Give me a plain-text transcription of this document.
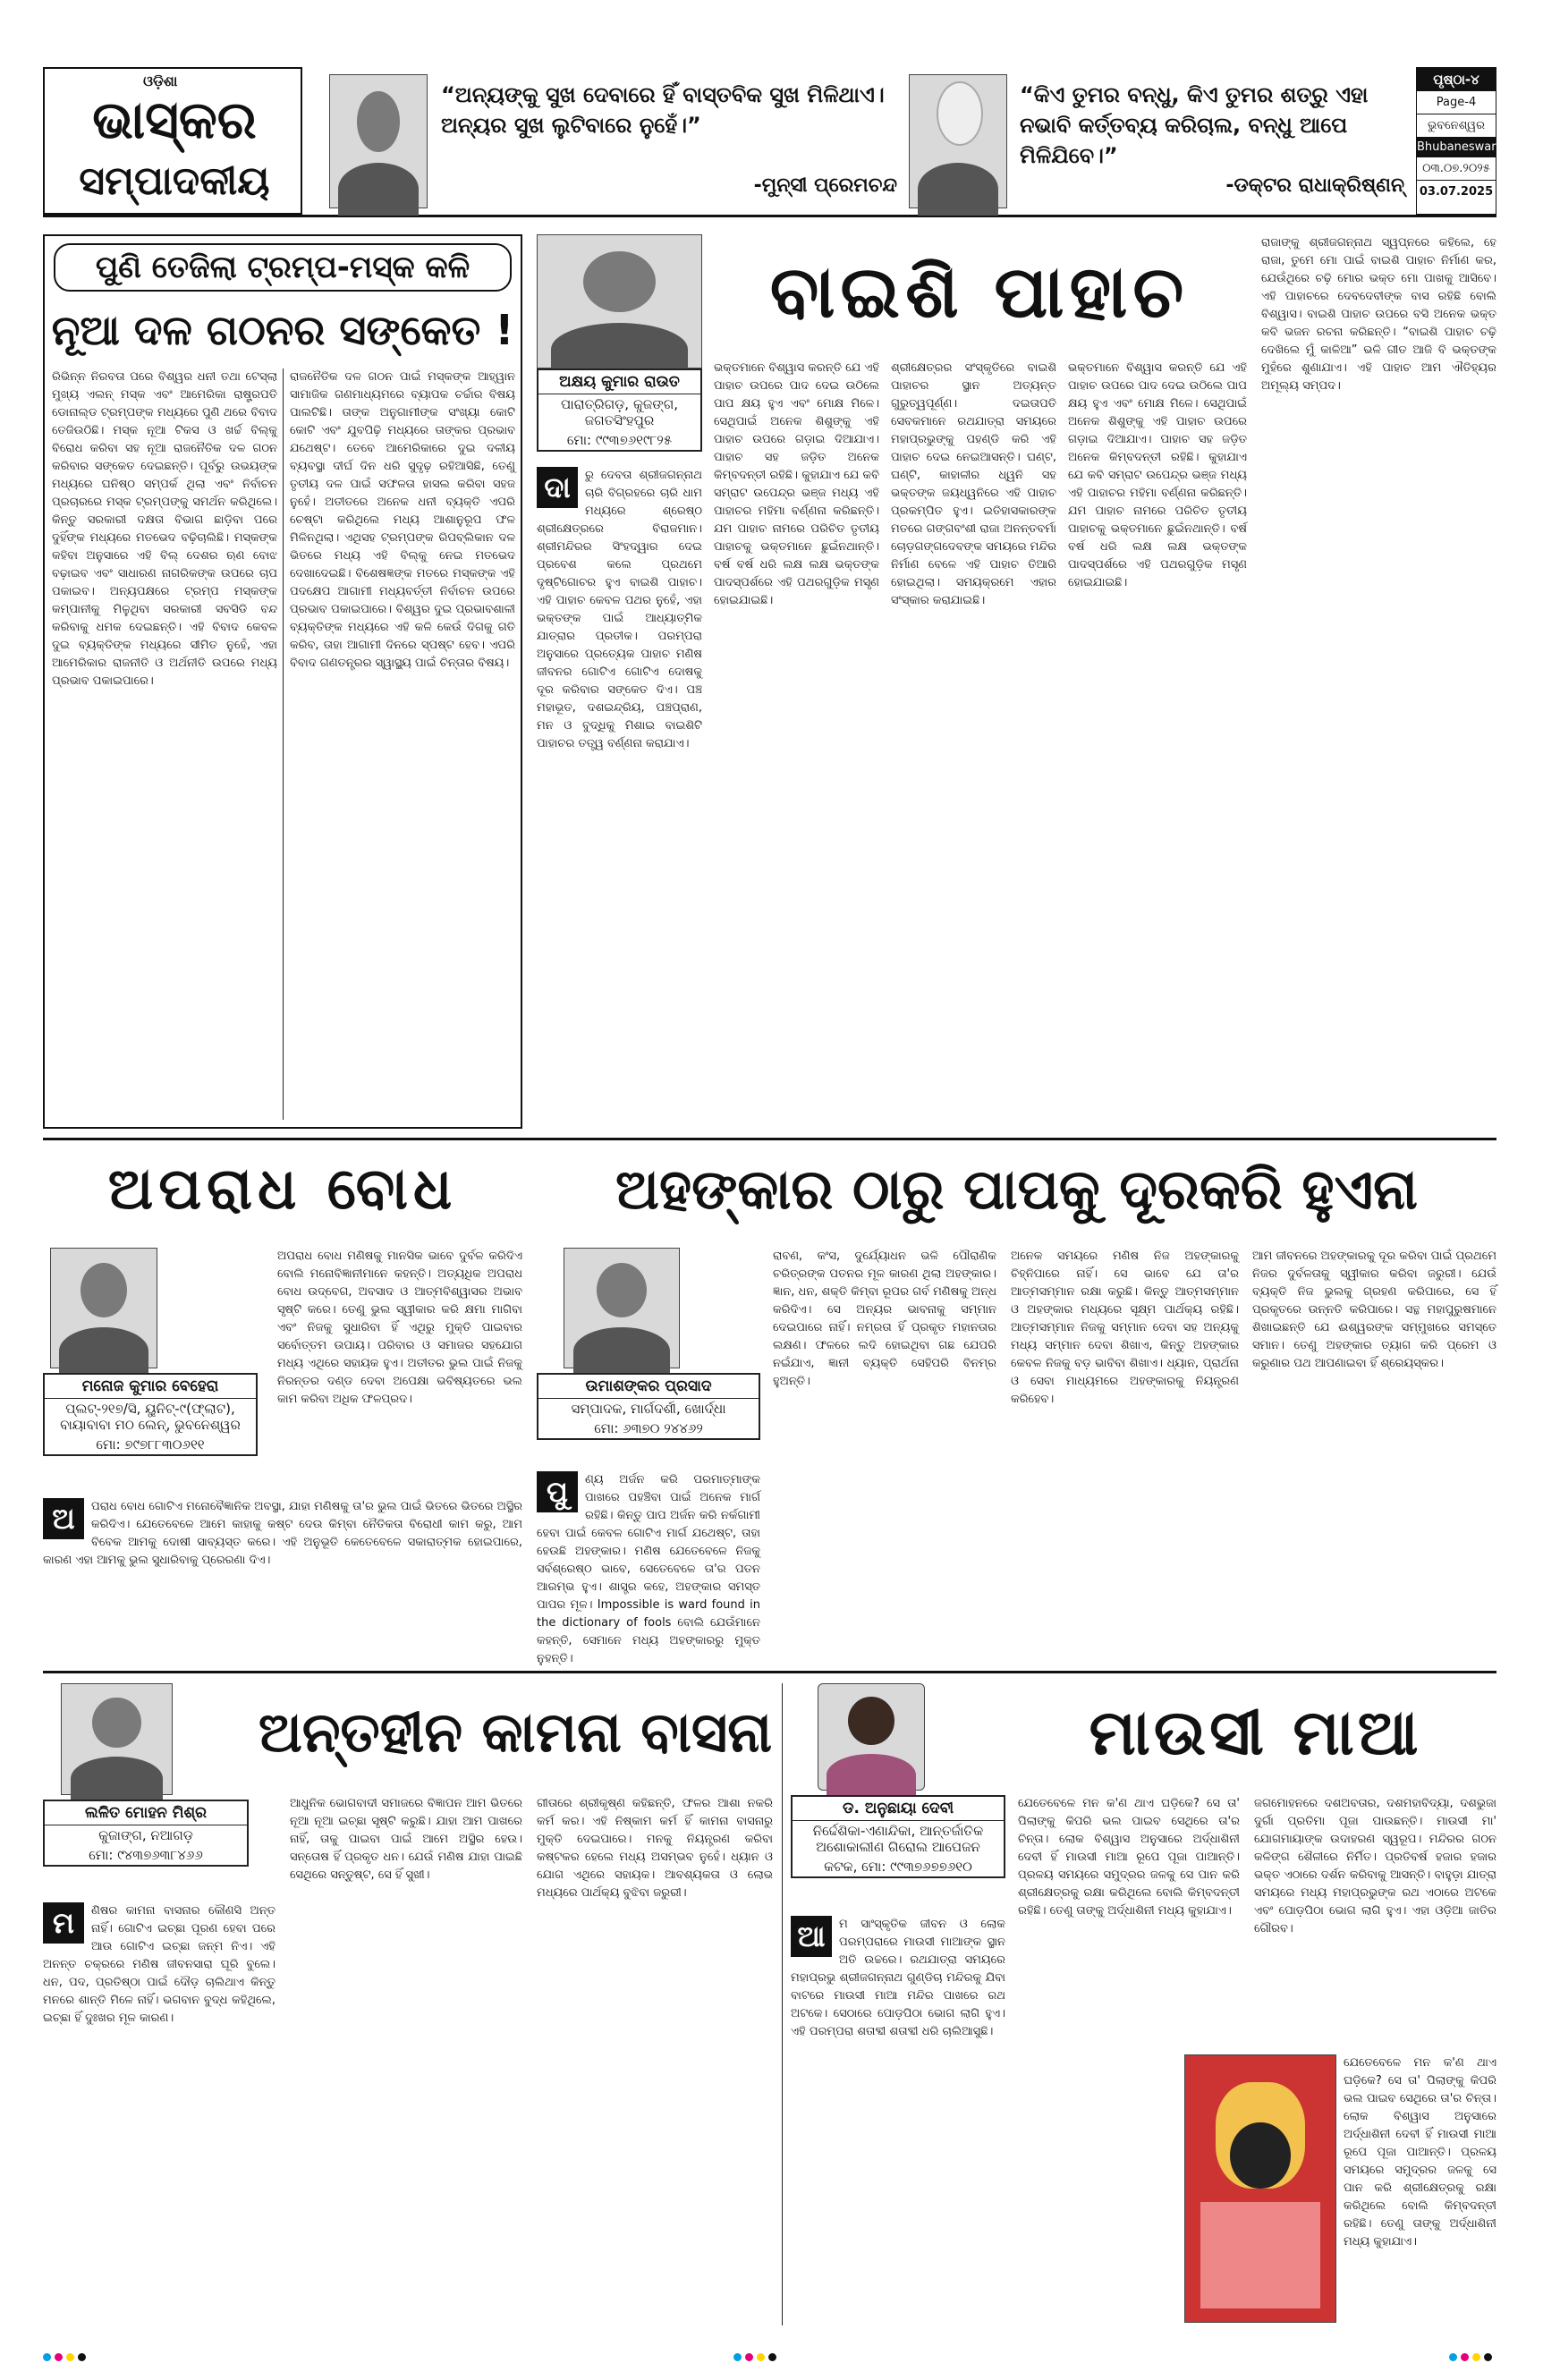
ଓଡ଼ିଶା
ଭାସ୍କର
ସମ୍ପାଦକୀୟ
“ଅନ୍ୟଙ୍କୁ ସୁଖ ଦେବାରେ ହିଁ ବାସ୍ତବିକ ସୁଖ ମିଳିଥାଏ। ଅନ୍ୟର ସୁଖ ଲୁଟିବାରେ ନୁହେଁ।”
-ମୁନ୍ସୀ ପ୍ରେମଚନ୍ଦ
“କିଏ ତୁମର ବନ୍ଧୁ, କିଏ ତୁମର ଶତ୍ରୁ ଏହା ନଭାବି କର୍ତ୍ତବ୍ୟ କରିଚାଲ, ବନ୍ଧୁ ଆପେ ମିଳିଯିବେ।”
-ଡକ୍ଟର ରାଧାକ୍ରିଷ୍ଣନ୍
ପୃଷ୍ଠା-୪
Page-4
ଭୁବନେଶ୍ୱର
Bhubaneswar
୦୩.୦୭.୨୦୨୫
03.07.2025
ପୁଣି ତେଜିଲା ଟ୍ରମ୍ପ-ମସ୍କ କଳି
ନୂଆ ଦଳ ଗଠନର ସଙ୍କେତ !
ରିଭିନ୍ନ ନିରବତା ପରେ ବିଶ୍ୱର ଧନୀ ତଥା ଟେସ୍ଲା ମୁଖ୍ୟ ଏଲନ୍ ମସ୍କ ଏବଂ ଆମେରିକା ରାଷ୍ଟ୍ରପତି ଡୋନାଲ୍ଡ ଟ୍ରମ୍ପଙ୍କ ମଧ୍ୟରେ ପୁଣି ଥରେ ବିବାଦ ତେଜିଉଠିଛି। ମସ୍କ ନୂଆ ଟିକସ ଓ ଖର୍ଚ୍ଚ ବିଲ୍‌କୁ ବିରୋଧ କରିବା ସହ ନୂଆ ରାଜନୈତିକ ଦଳ ଗଠନ କରିବାର ସଙ୍କେତ ଦେଇଛନ୍ତି। ପୂର୍ବରୁ ଉଭୟଙ୍କ ମଧ୍ୟରେ ଘନିଷ୍ଠ ସମ୍ପର୍କ ଥିଲା ଏବଂ ନିର୍ବାଚନ ପ୍ରଚାରରେ ମସ୍କ ଟ୍ରମ୍ପଙ୍କୁ ସମର୍ଥନ କରିଥିଲେ। କିନ୍ତୁ ସରକାରୀ ଦକ୍ଷତା ବିଭାଗ ଛାଡ଼ିବା ପରେ ଦୁହିଁଙ୍କ ମଧ୍ୟରେ ମତଭେଦ ବଢ଼ିଚାଲିଛି। ମସ୍କଙ୍କ କହିବା ଅନୁସାରେ ଏହି ବିଲ୍ ଦେଶର ଋଣ ବୋଝ ବଢ଼ାଇବ ଏବଂ ସାଧାରଣ ନାଗରିକଙ୍କ ଉପରେ ଚାପ ପକାଇବ। ଅନ୍ୟପକ୍ଷରେ ଟ୍ରମ୍ପ ମସ୍କଙ୍କ କମ୍ପାନୀକୁ ମିଳୁଥିବା ସରକାରୀ ସବସିଡି ବନ୍ଦ କରିବାକୁ ଧମକ ଦେଇଛନ୍ତି। ଏହି ବିବାଦ କେବଳ ଦୁଇ ବ୍ୟକ୍ତିଙ୍କ ମଧ୍ୟରେ ସୀମିତ ନୁହେଁ, ଏହା ଆମେରିକାର ରାଜନୀତି ଓ ଅର୍ଥନୀତି ଉପରେ ମଧ୍ୟ ପ୍ରଭାବ ପକାଇପାରେ।
ରାଜନୈତିକ ଦଳ ଗଠନ ପାଇଁ ମସ୍କଙ୍କ ଆହ୍ୱାନ ସାମାଜିକ ଗଣମାଧ୍ୟମରେ ବ୍ୟାପକ ଚର୍ଚ୍ଚାର ବିଷୟ ପାଲଟିଛି। ତାଙ୍କ ଅନୁଗାମୀଙ୍କ ସଂଖ୍ୟା କୋଟି କୋଟି ଏବଂ ଯୁବପିଢ଼ି ମଧ୍ୟରେ ତାଙ୍କର ପ୍ରଭାବ ଯଥେଷ୍ଟ। ତେବେ ଆମେରିକାରେ ଦୁଇ ଦଳୀୟ ବ୍ୟବସ୍ଥା ଦୀର୍ଘ ଦିନ ଧରି ସୁଦୃଢ଼ ରହିଆସିଛି, ତେଣୁ ତୃତୀୟ ଦଳ ପାଇଁ ସଫଳତା ହାସଲ କରିବା ସହଜ ନୁହେଁ। ଅତୀତରେ ଅନେକ ଧନୀ ବ୍ୟକ୍ତି ଏପରି ଚେଷ୍ଟା କରିଥିଲେ ମଧ୍ୟ ଆଶାନୁରୂପ ଫଳ ମିଳିନଥିଲା। ଏଥିସହ ଟ୍ରମ୍ପଙ୍କ ରିପବ୍ଲିକାନ ଦଳ ଭିତରେ ମଧ୍ୟ ଏହି ବିଲ୍‌କୁ ନେଇ ମତଭେଦ ଦେଖାଦେଇଛି। ବିଶେଷଜ୍ଞଙ୍କ ମତରେ ମସ୍କଙ୍କ ଏହି ପଦକ୍ଷେପ ଆଗାମୀ ମଧ୍ୟବର୍ତ୍ତୀ ନିର୍ବାଚନ ଉପରେ ପ୍ରଭାବ ପକାଇପାରେ। ବିଶ୍ୱର ଦୁଇ ପ୍ରଭାବଶାଳୀ ବ୍ୟକ୍ତିଙ୍କ ମଧ୍ୟରେ ଏହି କଳି କେଉଁ ଦିଗକୁ ଗତି କରିବ, ତାହା ଆଗାମୀ ଦିନରେ ସ୍ପଷ୍ଟ ହେବ। ଏପରି ବିବାଦ ଗଣତନ୍ତ୍ରର ସ୍ୱାସ୍ଥ୍ୟ ପାଇଁ ଚିନ୍ତାର ବିଷୟ।
ଅକ୍ଷୟ କୁମାର ରାଉତ
ପାରାତ୍ରିଗଡ଼, କୁଜଙ୍ଗ, ଜଗତସିଂହପୁର
ମୋ: ୯୯୩୭୬୧୯୮୨୫
ବାଇଶି ପାହାଚ
ଦା	ରୁ ଦେବତା ଶ୍ରୀଜଗନ୍ନାଥ ଚାରି ବିଗ୍ରହରେ ଚାରି ଧାମ ମଧ୍ୟରେ ଶ୍ରେଷ୍ଠ ଶ୍ରୀକ୍ଷେତ୍ରରେ ବିରାଜମାନ। ଶ୍ରୀମନ୍ଦିରର ସିଂହଦ୍ୱାର ଦେଇ ପ୍ରବେଶ କଲେ ପ୍ରଥମେ ଦୃଷ୍ଟିଗୋଚର ହୁଏ ବାଇଶି ପାହାଚ। ଏହି ପାହାଚ କେବଳ ପଥର ନୁହେଁ, ଏହା ଭକ୍ତଙ୍କ ପାଇଁ ଆଧ୍ୟାତ୍ମିକ ଯାତ୍ରାର ପ୍ରତୀକ। ପରମ୍ପରା ଅନୁସାରେ ପ୍ରତ୍ୟେକ ପାହାଚ ମଣିଷ ଜୀବନର ଗୋଟିଏ ଗୋଟିଏ ଦୋଷକୁ ଦୂର କରିବାର ସଙ୍କେତ ଦିଏ। ପଞ୍ଚ ମହାଭୂତ, ଦଶଇନ୍ଦ୍ରିୟ, ପଞ୍ଚପ୍ରାଣ, ମନ ଓ ବୁଦ୍ଧିକୁ ମିଶାଇ ବାଇଶିଟି ପାହାଚର ତତ୍ତ୍ୱ ବର୍ଣ୍ଣନା କରାଯାଏ।
ଭକ୍ତମାନେ ବିଶ୍ୱାସ କରନ୍ତି ଯେ ଏହି ପାହାଚ ଉପରେ ପାଦ ଦେଇ ଉଠିଲେ ପାପ କ୍ଷୟ ହୁଏ ଏବଂ ମୋକ୍ଷ ମିଳେ। ସେଥିପାଇଁ ଅନେକ ଶିଶୁଙ୍କୁ ଏହି ପାହାଚ ଉପରେ ଗଡ଼ାଇ ଦିଆଯାଏ। ପାହାଚ ସହ ଜଡ଼ିତ ଅନେକ କିମ୍ବଦନ୍ତୀ ରହିଛି। କୁହାଯାଏ ଯେ କବି ସମ୍ରାଟ ଉପେନ୍ଦ୍ର ଭଞ୍ଜ ମଧ୍ୟ ଏହି ପାହାଚର ମହିମା ବର୍ଣ୍ଣନା କରିଛନ୍ତି। ଯମ ପାହାଚ ନାମରେ ପରିଚିତ ତୃତୀୟ ପାହାଚକୁ ଭକ୍ତମାନେ ଛୁଇଁନଥାନ୍ତି। ବର୍ଷ ବର୍ଷ ଧରି ଲକ୍ଷ ଲକ୍ଷ ଭକ୍ତଙ୍କ ପାଦସ୍ପର୍ଶରେ ଏହି ପଥରଗୁଡ଼ିକ ମସୃଣ ହୋଇଯାଇଛି।
ଶ୍ରୀକ୍ଷେତ୍ରର ସଂସ୍କୃତିରେ ବାଇଶି ପାହାଚର ସ୍ଥାନ ଅତ୍ୟନ୍ତ ଗୁରୁତ୍ୱପୂର୍ଣ୍ଣ। ଦଇତାପତି ସେବକମାନେ ରଥଯାତ୍ରା ସମୟରେ ମହାପ୍ରଭୁଙ୍କୁ ପହଣ୍ଡି କରି ଏହି ପାହାଚ ଦେଇ ନେଇଆସନ୍ତି। ଘଣ୍ଟ, ଘଣ୍ଟି, କାହାଳୀର ଧ୍ୱନି ସହ ଭକ୍ତଙ୍କ ଜୟଧ୍ୱନିରେ ଏହି ପାହାଚ ପ୍ରକମ୍ପିତ ହୁଏ। ଇତିହାସକାରଙ୍କ ମତରେ ଗଙ୍ଗବଂଶୀ ରାଜା ଅନନ୍ତବର୍ମା ଚୋଡ଼ଗଙ୍ଗଦେବଙ୍କ ସମୟରେ ମନ୍ଦିର ନିର୍ମାଣ ବେଳେ ଏହି ପାହାଚ ତିଆରି ହୋଇଥିଲା। ସମୟକ୍ରମେ ଏହାର ସଂସ୍କାର କରାଯାଇଛି।
ଭକ୍ତମାନେ ବିଶ୍ୱାସ କରନ୍ତି ଯେ ଏହି ପାହାଚ ଉପରେ ପାଦ ଦେଇ ଉଠିଲେ ପାପ କ୍ଷୟ ହୁଏ ଏବଂ ମୋକ୍ଷ ମିଳେ। ସେଥିପାଇଁ ଅନେକ ଶିଶୁଙ୍କୁ ଏହି ପାହାଚ ଉପରେ ଗଡ଼ାଇ ଦିଆଯାଏ। ପାହାଚ ସହ ଜଡ଼ିତ ଅନେକ କିମ୍ବଦନ୍ତୀ ରହିଛି। କୁହାଯାଏ ଯେ କବି ସମ୍ରାଟ ଉପେନ୍ଦ୍ର ଭଞ୍ଜ ମଧ୍ୟ ଏହି ପାହାଚର ମହିମା ବର୍ଣ୍ଣନା କରିଛନ୍ତି। ଯମ ପାହାଚ ନାମରେ ପରିଚିତ ତୃତୀୟ ପାହାଚକୁ ଭକ୍ତମାନେ ଛୁଇଁନଥାନ୍ତି। ବର୍ଷ ବର୍ଷ ଧରି ଲକ୍ଷ ଲକ୍ଷ ଭକ୍ତଙ୍କ ପାଦସ୍ପର୍ଶରେ ଏହି ପଥରଗୁଡ଼ିକ ମସୃଣ ହୋଇଯାଇଛି।
ରାଜାଙ୍କୁ ଶ୍ରୀଜଗନ୍ନାଥ ସ୍ୱପ୍ନରେ କହିଲେ, ହେ ରାଜା, ତୁମେ ମୋ ପାଇଁ ବାଇଶି ପାହାଚ ନିର୍ମାଣ କର, ଯେଉଁଥିରେ ଚଢ଼ି ମୋର ଭକ୍ତ ମୋ ପାଖକୁ ଆସିବେ। ଏହି ପାହାଚରେ ଦେବଦେବୀଙ୍କ ବାସ ରହିଛି ବୋଲି ବିଶ୍ୱାସ। ବାଇଶି ପାହାଚ ଉପରେ ବସି ଅନେକ ଭକ୍ତ କବି ଭଜନ ରଚନା କରିଛନ୍ତି। “ବାଇଶି ପାହାଚ ଚଢ଼ି ଦେଖିଲେ ମୁଁ କାଳିଆ” ଭଳି ଗୀତ ଆଜି ବି ଭକ୍ତଙ୍କ ମୁହଁରେ ଶୁଣାଯାଏ। ଏହି ପାହାଚ ଆମ ଐତିହ୍ୟର ଅମୂଲ୍ୟ ସମ୍ପଦ।
ଅପରାଧ ବୋଧ
ମନୋଜ କୁମାର ବେହେରା
ପ୍ଲଟ୍-୨୧୭/ସି, ୟୁନିଟ୍-୯(ଫ୍ଲାଟ), ବାୟାବାବା ମଠ ଲେନ୍, ଭୁବନେଶ୍ୱର
ମୋ: ୭୯୭୮୮୩୦୬୧୧
ଅ	ପରାଧ ବୋଧ ଗୋଟିଏ ମନୋବୈଜ୍ଞାନିକ ଅବସ୍ଥା, ଯାହା ମଣିଷକୁ ତା'ର ଭୁଲ ପାଇଁ ଭିତରେ ଭିତରେ ଅସ୍ଥିର କରିଦିଏ। ଯେତେବେଳେ ଆମେ କାହାକୁ କଷ୍ଟ ଦେଉ କିମ୍ବା ନୈତିକତା ବିରୋଧୀ କାମ କରୁ, ଆମ ବିବେକ ଆମକୁ ଦୋଷୀ ସାବ୍ୟସ୍ତ କରେ। ଏହି ଅନୁଭୂତି କେତେବେଳେ ସକାରାତ୍ମକ ହୋଇପାରେ, କାରଣ ଏହା ଆମକୁ ଭୁଲ ସୁଧାରିବାକୁ ପ୍ରେରଣା ଦିଏ।
ଅପରାଧ ବୋଧ ମଣିଷକୁ ମାନସିକ ଭାବେ ଦୁର୍ବଳ କରିଦିଏ ବୋଲି ମନୋବିଜ୍ଞାନୀମାନେ କହନ୍ତି। ଅତ୍ୟଧିକ ଅପରାଧ ବୋଧ ଉଦ୍‌ବେଗ, ଅବସାଦ ଓ ଆତ୍ମବିଶ୍ୱାସର ଅଭାବ ସୃଷ୍ଟି କରେ। ତେଣୁ ଭୁଲ ସ୍ୱୀକାର କରି କ୍ଷମା ମାଗିବା ଏବଂ ନିଜକୁ ସୁଧାରିବା ହିଁ ଏଥିରୁ ମୁକ୍ତି ପାଇବାର ସର୍ବୋତ୍ତମ ଉପାୟ। ପରିବାର ଓ ସମାଜର ସହଯୋଗ ମଧ୍ୟ ଏଥିରେ ସହାୟକ ହୁଏ। ଅତୀତର ଭୁଲ ପାଇଁ ନିଜକୁ ନିରନ୍ତର ଦଣ୍ଡ ଦେବା ଅପେକ୍ଷା ଭବିଷ୍ୟତରେ ଭଲ କାମ କରିବା ଅଧିକ ଫଳପ୍ରଦ।
ଅହଙ୍କାର ଠାରୁ ପାପକୁ ଦୂରକରି ହୁଏନା
ଉମାଶଙ୍କର ପ୍ରସାଦ
ସମ୍ପାଦକ, ମାର୍ଗଦର୍ଶୀ, ଖୋର୍ଦ୍ଧା
ମୋ: ୬୩୭୦ ୨୪୪୬୨
ପୁ	ଣ୍ୟ ଅର୍ଜନ କରି ପରମାତ୍ମାଙ୍କ ପାଖରେ ପହଞ୍ଚିବା ପାଇଁ ଅନେକ ମାର୍ଗ ରହିଛି। କିନ୍ତୁ ପାପ ଅର୍ଜନ କରି ନର୍କଗାମୀ ହେବା ପାଇଁ କେବଳ ଗୋଟିଏ ମାର୍ଗ ଯଥେଷ୍ଟ, ତାହା ହେଉଛି ଅହଙ୍କାର। ମଣିଷ ଯେତେବେଳେ ନିଜକୁ ସର୍ବଶ୍ରେଷ୍ଠ ଭାବେ, ସେତେବେଳେ ତା'ର ପତନ ଆରମ୍ଭ ହୁଏ। ଶାସ୍ତ୍ର କହେ, ଅହଙ୍କାର ସମସ୍ତ ପାପର ମୂଳ। Impossible is ward found in the dictionary of fools ବୋଲି ଯେଉଁମାନେ କହନ୍ତି, ସେମାନେ ମଧ୍ୟ ଅହଙ୍କାରରୁ ମୁକ୍ତ ନୁହନ୍ତି।
ରାବଣ, କଂସ, ଦୁର୍ଯ୍ୟୋଧନ ଭଳି ପୌରାଣିକ ଚରିତ୍ରଙ୍କ ପତନର ମୂଳ କାରଣ ଥିଲା ଅହଙ୍କାର। ଜ୍ଞାନ, ଧନ, ଶକ୍ତି କିମ୍ବା ରୂପର ଗର୍ବ ମଣିଷକୁ ଅନ୍ଧ କରିଦିଏ। ସେ ଅନ୍ୟର ଭାବନାକୁ ସମ୍ମାନ ଦେଇପାରେ ନାହିଁ। ନମ୍ରତା ହିଁ ପ୍ରକୃତ ମହାନତାର ଲକ୍ଷଣ। ଫଳରେ ଲଦି ହୋଇଥିବା ଗଛ ଯେପରି ନଇଁଯାଏ, ଜ୍ଞାନୀ ବ୍ୟକ୍ତି ସେହିପରି ବିନମ୍ର ହୁଅନ୍ତି।
ଅନେକ ସମୟରେ ମଣିଷ ନିଜ ଅହଙ୍କାରକୁ ଚିହ୍ନିପାରେ ନାହିଁ। ସେ ଭାବେ ଯେ ତା'ର ଆତ୍ମସମ୍ମାନ ରକ୍ଷା କରୁଛି। କିନ୍ତୁ ଆତ୍ମସମ୍ମାନ ଓ ଅହଙ୍କାର ମଧ୍ୟରେ ସୂକ୍ଷ୍ମ ପାର୍ଥକ୍ୟ ରହିଛି। ଆତ୍ମସମ୍ମାନ ନିଜକୁ ସମ୍ମାନ ଦେବା ସହ ଅନ୍ୟକୁ ମଧ୍ୟ ସମ୍ମାନ ଦେବା ଶିଖାଏ, କିନ୍ତୁ ଅହଙ୍କାର କେବଳ ନିଜକୁ ବଡ଼ ଭାବିବା ଶିଖାଏ। ଧ୍ୟାନ, ପ୍ରାର୍ଥନା ଓ ସେବା ମାଧ୍ୟମରେ ଅହଙ୍କାରକୁ ନିୟନ୍ତ୍ରଣ କରିହେବ।
ଆମ ଜୀବନରେ ଅହଙ୍କାରକୁ ଦୂର କରିବା ପାଇଁ ପ୍ରଥମେ ନିଜର ଦୁର୍ବଳତାକୁ ସ୍ୱୀକାର କରିବା ଜରୁରୀ। ଯେଉଁ ବ୍ୟକ୍ତି ନିଜ ଭୁଲକୁ ଗ୍ରହଣ କରିପାରେ, ସେ ହିଁ ପ୍ରକୃତରେ ଉନ୍ନତି କରିପାରେ। ସନ୍ଥ ମହାପୁରୁଷମାନେ ଶିଖାଇଛନ୍ତି ଯେ ଈଶ୍ୱରଙ୍କ ସମ୍ମୁଖରେ ସମସ୍ତେ ସମାନ। ତେଣୁ ଅହଙ୍କାର ତ୍ୟାଗ କରି ପ୍ରେମ ଓ କରୁଣାର ପଥ ଆପଣାଇବା ହିଁ ଶ୍ରେୟସ୍କର।
ଲଳିତ ମୋହନ ମିଶ୍ର
କୁଜାଙ୍ଗ, ନଆଗଡ଼
ମୋ: ୯୪୩୭୬୩୮୪୬୬
ଅନ୍ତହୀନ କାମନା ବାସନା
ମ	ଣିଷର କାମନା ବାସନାର କୌଣସି ଅନ୍ତ ନାହିଁ। ଗୋଟିଏ ଇଚ୍ଛା ପୂରଣ ହେବା ପରେ ଆଉ ଗୋଟିଏ ଇଚ୍ଛା ଜନ୍ମ ନିଏ। ଏହି ଅନନ୍ତ ଚକ୍ରରେ ମଣିଷ ଜୀବନସାରା ଘୂରି ବୁଲେ। ଧନ, ପଦ, ପ୍ରତିଷ୍ଠା ପାଇଁ ଦୌଡ଼ ଚାଲିଥାଏ କିନ୍ତୁ ମନରେ ଶାନ୍ତି ମିଳେ ନାହିଁ। ଭଗବାନ ବୁଦ୍ଧ କହିଥିଲେ, ଇଚ୍ଛା ହିଁ ଦୁଃଖର ମୂଳ କାରଣ।
ଆଧୁନିକ ଭୋଗବାଦୀ ସମାଜରେ ବିଜ୍ଞାପନ ଆମ ଭିତରେ ନୂଆ ନୂଆ ଇଚ୍ଛା ସୃଷ୍ଟି କରୁଛି। ଯାହା ଆମ ପାଖରେ ନାହିଁ, ତାକୁ ପାଇବା ପାଇଁ ଆମେ ଅସ୍ଥିର ହେଉ। ସନ୍ତୋଷ ହିଁ ପ୍ରକୃତ ଧନ। ଯେଉଁ ମଣିଷ ଯାହା ପାଇଛି ସେଥିରେ ସନ୍ତୁଷ୍ଟ, ସେ ହିଁ ସୁଖୀ।
ଗୀତାରେ ଶ୍ରୀକୃଷ୍ଣ କହିଛନ୍ତି, ଫଳର ଆଶା ନକରି କର୍ମ କର। ଏହି ନିଷ୍କାମ କର୍ମ ହିଁ କାମନା ବାସନାରୁ ମୁକ୍ତି ଦେଇପାରେ। ମନକୁ ନିୟନ୍ତ୍ରଣ କରିବା କଷ୍ଟକର ହେଲେ ମଧ୍ୟ ଅସମ୍ଭବ ନୁହେଁ। ଧ୍ୟାନ ଓ ଯୋଗ ଏଥିରେ ସହାୟକ। ଆବଶ୍ୟକତା ଓ ଲୋଭ ମଧ୍ୟରେ ପାର୍ଥକ୍ୟ ବୁଝିବା ଜରୁରୀ।
ଡ. ଅନୁଛାୟା ଦେବୀ
ନିର୍ଦ୍ଦେଶିକା-ଏଣାନ୍ଦିକା, ଆନ୍ତର୍ଜାତିକ ଅଶୋକାଲୀଣ ଗିରୋଲ ଆପେଜନ
କଟକ, ମୋ: ୯୯୩୭୬୭୭୬୧୦
ମାଉସୀ ମାଆ
ଆ	ମ ସାଂସ୍କୃତିକ ଜୀବନ ଓ ଲୋକ ପରମ୍ପରାରେ ମାଉସୀ ମାଆଙ୍କ ସ୍ଥାନ ଅତି ଉଚ୍ଚରେ। ରଥଯାତ୍ରା ସମୟରେ ମହାପ୍ରଭୁ ଶ୍ରୀଜଗନ୍ନାଥ ଗୁଣ୍ଡିଚା ମନ୍ଦିରକୁ ଯିବା ବାଟରେ ମାଉସୀ ମାଆ ମନ୍ଦିର ପାଖରେ ରଥ ଅଟକେ। ସେଠାରେ ପୋଡ଼ପିଠା ଭୋଗ ଲାଗି ହୁଏ। ଏହି ପରମ୍ପରା ଶତାବ୍ଦୀ ଶତାବ୍ଦୀ ଧରି ଚାଲିଆସୁଛି।
ଯେତେବେଳେ ମନ କ'ଣ ଥାଏ ଘଡ଼ିକେ? ସେ ତା' ପିଲାଙ୍କୁ କିପରି ଭଲ ପାଇବ ସେଥିରେ ତା'ର ଚିନ୍ତା। ଲୋକ ବିଶ୍ୱାସ ଅନୁସାରେ ଅର୍ଦ୍ଧାଶିନୀ ଦେବୀ ହିଁ ମାଉସୀ ମାଆ ରୂପେ ପୂଜା ପାଆନ୍ତି। ପ୍ରଳୟ ସମୟରେ ସମୁଦ୍ରର ଜଳକୁ ସେ ପାନ କରି ଶ୍ରୀକ୍ଷେତ୍ରକୁ ରକ୍ଷା କରିଥିଲେ ବୋଲି କିମ୍ବଦନ୍ତୀ ରହିଛି। ତେଣୁ ତାଙ୍କୁ ଅର୍ଦ୍ଧାଶିନୀ ମଧ୍ୟ କୁହାଯାଏ।
ଜଗମୋହନରେ ଦଶଅବତାର, ଦଶମହାବିଦ୍ୟା, ଦଶଭୁଜା ଦୁର୍ଗା ପ୍ରତିମା ପୂଜା ପାଉଛନ୍ତି। ମାଉସୀ ମା' ଯୋଗମାୟାଙ୍କ ଉଦାହରଣ ସ୍ୱରୂପ। ମନ୍ଦିରର ଗଠନ କଳିଙ୍ଗ ଶୈଳୀରେ ନିର୍ମିତ। ପ୍ରତିବର୍ଷ ହଜାର ହଜାର ଭକ୍ତ ଏଠାରେ ଦର୍ଶନ କରିବାକୁ ଆସନ୍ତି। ବାହୁଡ଼ା ଯାତ୍ରା ସମୟରେ ମଧ୍ୟ ମହାପ୍ରଭୁଙ୍କ ରଥ ଏଠାରେ ଅଟକେ ଏବଂ ପୋଡ଼ପିଠା ଭୋଗ ଲାଗି ହୁଏ। ଏହା ଓଡ଼ିଆ ଜାତିର ଗୌରବ।
ଯେତେବେଳେ ମନ କ'ଣ ଥାଏ ଘଡ଼ିକେ? ସେ ତା' ପିଲାଙ୍କୁ କିପରି ଭଲ ପାଇବ ସେଥିରେ ତା'ର ଚିନ୍ତା। ଲୋକ ବିଶ୍ୱାସ ଅନୁସାରେ ଅର୍ଦ୍ଧାଶିନୀ ଦେବୀ ହିଁ ମାଉସୀ ମାଆ ରୂପେ ପୂଜା ପାଆନ୍ତି। ପ୍ରଳୟ ସମୟରେ ସମୁଦ୍ରର ଜଳକୁ ସେ ପାନ କରି ଶ୍ରୀକ୍ଷେତ୍ରକୁ ରକ୍ଷା କରିଥିଲେ ବୋଲି କିମ୍ବଦନ୍ତୀ ରହିଛି। ତେଣୁ ତାଙ୍କୁ ଅର୍ଦ୍ଧାଶିନୀ ମଧ୍ୟ କୁହାଯାଏ।
